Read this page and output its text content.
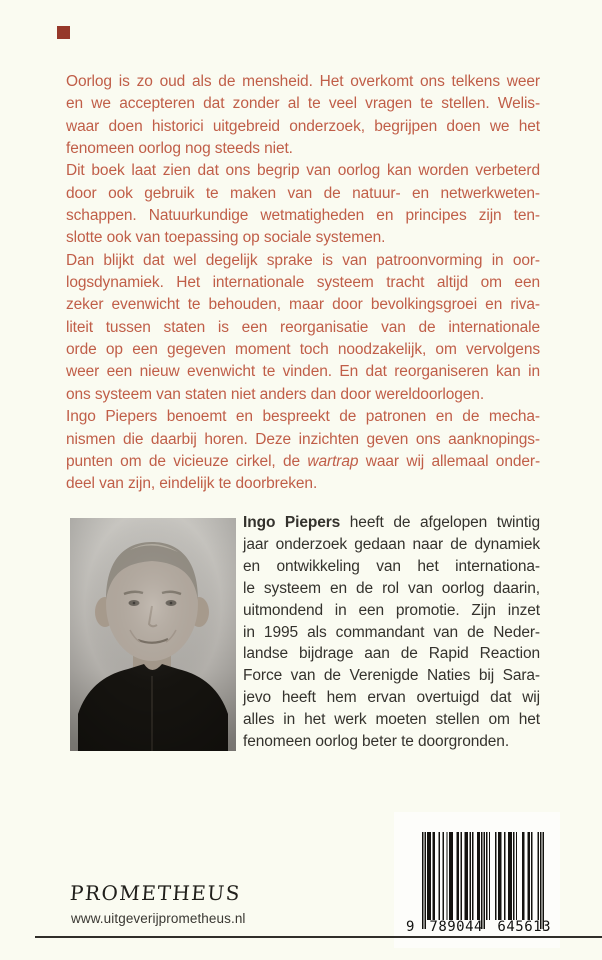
Oorlog is zo oud als de mensheid. Het overkomt ons telkens weer
en we accepteren dat zonder al te veel vragen te stellen. Welis-
waar doen historici uitgebreid onderzoek, begrijpen doen we het
fenomeen oorlog nog steeds niet.
Dit boek laat zien dat ons begrip van oorlog kan worden verbeterd
door ook gebruik te maken van de natuur- en netwerkweten-
schappen. Natuurkundige wetmatigheden en principes zijn ten-
slotte ook van toepassing op sociale systemen.
Dan blijkt dat wel degelijk sprake is van patroonvorming in oor-
logsdynamiek. Het internationale systeem tracht altijd om een
zeker evenwicht te behouden, maar door bevolkingsgroei en riva-
liteit tussen staten is een reorganisatie van de internationale
orde op een gegeven moment toch noodzakelijk, om vervolgens
weer een nieuw evenwicht te vinden. En dat reorganiseren kan in
ons systeem van staten niet anders dan door wereldoorlogen.
Ingo Piepers benoemt en bespreekt de patronen en de mecha-
nismen die daarbij horen. Deze inzichten geven ons aanknopings-
punten om de vicieuze cirkel, de wartrap waar wij allemaal onder-
deel van zijn, eindelijk te doorbreken.
Ingo Piepers heeft de afgelopen twintig
jaar onderzoek gedaan naar de dynamiek
en ontwikkeling van het internationa-
le systeem en de rol van oorlog daarin,
uitmondend in een promotie. Zijn inzet
in 1995 als commandant van de Neder-
landse bijdrage aan de Rapid Reaction
Force van de Verenigde Naties bij Sara-
jevo heeft hem ervan overtuigd dat wij
alles in het werk moeten stellen om het
fenomeen oorlog beter te doorgronden.
PROMETHEUS
www.uitgeverijprometheus.nl
9 789044 645613
